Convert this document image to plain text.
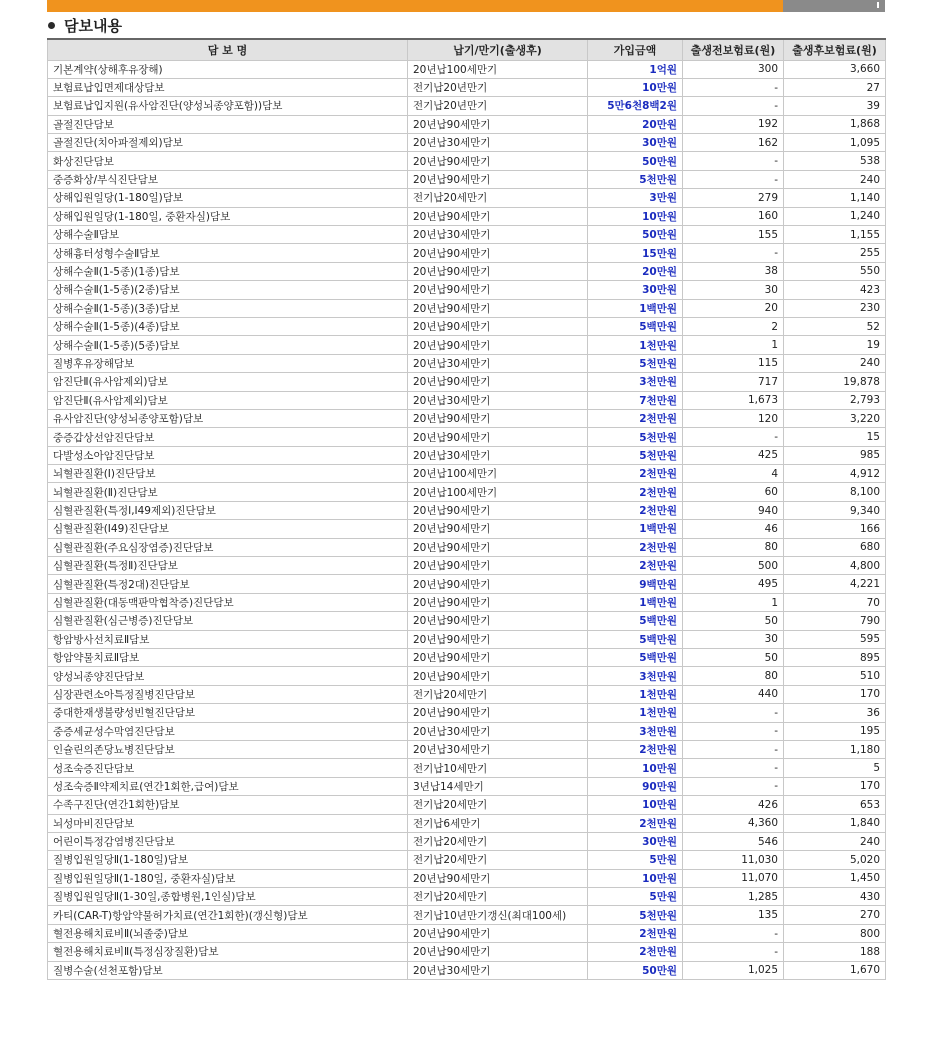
담보내용
담 보 명	납기/만기(출생후)	가입금액	출생전보험료(원)	출생후보험료(원)
기본계약(상해후유장해)	20년납100세만기	1억원	300	3,660
보험료납입면제대상담보	전기납20년만기	10만원	-	27
보험료납입지원(유사암진단(양성뇌종양포함))담보	전기납20년만기	5만6천8백2원	-	39
골절진단담보	20년납90세만기	20만원	192	1,868
골절진단(치아파절제외)담보	20년납30세만기	30만원	162	1,095
화상진단담보	20년납90세만기	50만원	-	538
중증화상/부식진단담보	20년납90세만기	5천만원	-	240
상해입원일당(1-180일)담보	전기납20세만기	3만원	279	1,140
상해입원일당(1-180일, 중환자실)담보	20년납90세만기	10만원	160	1,240
상해수술Ⅱ담보	20년납30세만기	50만원	155	1,155
상해흉터성형수술Ⅱ담보	20년납90세만기	15만원	-	255
상해수술Ⅱ(1-5종)(1종)담보	20년납90세만기	20만원	38	550
상해수술Ⅱ(1-5종)(2종)담보	20년납90세만기	30만원	30	423
상해수술Ⅱ(1-5종)(3종)담보	20년납90세만기	1백만원	20	230
상해수술Ⅱ(1-5종)(4종)담보	20년납90세만기	5백만원	2	52
상해수술Ⅱ(1-5종)(5종)담보	20년납90세만기	1천만원	1	19
질병후유장해담보	20년납30세만기	5천만원	115	240
암진단Ⅱ(유사암제외)담보	20년납90세만기	3천만원	717	19,878
암진단Ⅱ(유사암제외)담보	20년납30세만기	7천만원	1,673	2,793
유사암진단(양성뇌종양포함)담보	20년납90세만기	2천만원	120	3,220
중증갑상선암진단담보	20년납90세만기	5천만원	-	15
다발성소아암진단담보	20년납30세만기	5천만원	425	985
뇌혈관질환(Ⅰ)진단담보	20년납100세만기	2천만원	4	4,912
뇌혈관질환(Ⅱ)진단담보	20년납100세만기	2천만원	60	8,100
심혈관질환(특정Ⅰ,I49제외)진단담보	20년납90세만기	2천만원	940	9,340
심혈관질환(I49)진단담보	20년납90세만기	1백만원	46	166
심혈관질환(주요심장염증)진단담보	20년납90세만기	2천만원	80	680
심혈관질환(특정Ⅱ)진단담보	20년납90세만기	2천만원	500	4,800
심혈관질환(특정2대)진단담보	20년납90세만기	9백만원	495	4,221
심혈관질환(대동맥판막협착증)진단담보	20년납90세만기	1백만원	1	70
심혈관질환(심근병증)진단담보	20년납90세만기	5백만원	50	790
항암방사선치료Ⅱ담보	20년납90세만기	5백만원	30	595
항암약물치료Ⅱ담보	20년납90세만기	5백만원	50	895
양성뇌종양진단담보	20년납90세만기	3천만원	80	510
심장관련소아특정질병진단담보	전기납20세만기	1천만원	440	170
중대한재생불량성빈혈진단담보	20년납90세만기	1천만원	-	36
중증세균성수막염진단담보	20년납30세만기	3천만원	-	195
인슐린의존당뇨병진단담보	20년납30세만기	2천만원	-	1,180
성조숙증진단담보	전기납10세만기	10만원	-	5
성조숙증Ⅱ약제치료(연간1회한,급여)담보	3년납14세만기	90만원	-	170
수족구진단(연간1회한)담보	전기납20세만기	10만원	426	653
뇌성마비진단담보	전기납6세만기	2천만원	4,360	1,840
어린이특정감염병진단담보	전기납20세만기	30만원	546	240
질병입원일당Ⅱ(1-180일)담보	전기납20세만기	5만원	11,030	5,020
질병입원일당Ⅱ(1-180일, 중환자실)담보	20년납90세만기	10만원	11,070	1,450
질병입원일당Ⅱ(1-30일,종합병원,1인실)담보	전기납20세만기	5만원	1,285	430
카티(CAR-T)항암약물허가치료(연간1회한)(갱신형)담보	전기납10년만기갱신(최대100세)	5천만원	135	270
혈전용해치료비Ⅱ(뇌졸중)담보	20년납90세만기	2천만원	-	800
혈전용해치료비Ⅱ(특정심장질환)담보	20년납90세만기	2천만원	-	188
질병수술(선천포함)담보	20년납30세만기	50만원	1,025	1,670
